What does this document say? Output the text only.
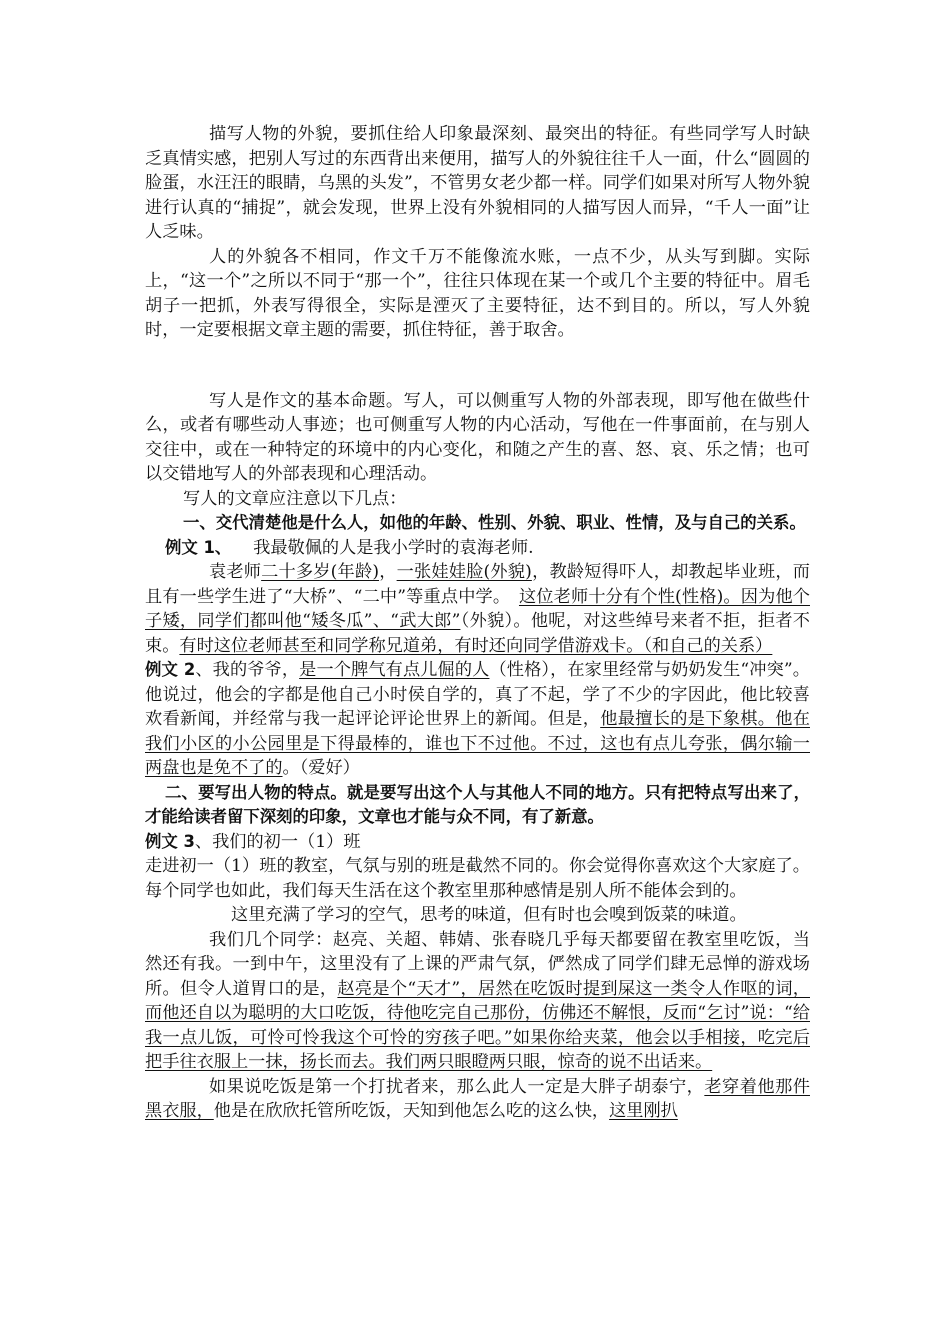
描写人物的外貌，要抓住给人印象最深刻、最突出的特征。有些同学写人时缺乏真情实感，把别人写过的东西背出来便用，描写人的外貌往往千人一面，什么“圆圆的脸蛋，水汪汪的眼睛，乌黑的头发”，不管男女老少都一样。同学们如果对所写人物外貌进行认真的“捕捉”，就会发现，世界上没有外貌相同的人描写因人而异，“千人一面”让人乏味。

人的外貌各不相同，作文千万不能像流水账，一点不少，从头写到脚。实际上，“这一个”之所以不同于“那一个”，往往只体现在某一个或几个主要的特征中。眉毛胡子一把抓，外表写得很全，实际是湮灭了主要特征，达不到目的。所以，写人外貌时，一定要根据文章主题的需要，抓住特征，善于取舍。

写人是作文的基本命题。写人，可以侧重写人物的外部表现，即写他在做些什么，或者有哪些动人事迹；也可侧重写人物的内心活动，写他在一件事面前，在与别人交往中，或在一种特定的环境中的内心变化，和随之产生的喜、怒、哀、乐之情；也可以交错地写人的外部表现和心理活动。

写人的文章应注意以下几点：

一、交代清楚他是什么人，如他的年龄、性别、外貌、职业、性情，及与自己的关系。

例文 1、 我最敬佩的人是我小学时的袁海老师.

袁老师二十多岁(年龄)，一张娃娃脸(外貌)，教龄短得吓人，却教起毕业班，而且有一些学生进了“大桥”、“二中”等重点中学。　这位老师十分有个性(性格)。因为他个子矮，同学们都叫他“矮冬瓜”、“武大郎”（外貌）。他呢，对这些绰号来者不拒，拒者不束。有时这位老师甚至和同学称兄道弟，有时还向同学借游戏卡。（和自己的关系）

例文 2、我的爷爷，是一个脾气有点儿倔的人（性格），在家里经常与奶奶发生“冲突”。他说过，他会的字都是他自己小时侯自学的，真了不起，学了不少的字因此，他比较喜欢看新闻，并经常与我一起评论评论世界上的新闻。但是，他最擅长的是下象棋。他在我们小区的小公园里是下得最棒的，谁也下不过他。不过，这也有点儿夸张，偶尔输一两盘也是免不了的。（爱好）

二、要写出人物的特点。就是要写出这个人与其他人不同的地方。只有把特点写出来了，才能给读者留下深刻的印象，文章也才能与众不同，有了新意。

例文 3、我们的初一（1）班

走进初一（1）班的教室，气氛与别的班是截然不同的。你会觉得你喜欢这个大家庭了。每个同学也如此，我们每天生活在这个教室里那种感情是别人所不能体会到的。

这里充满了学习的空气，思考的味道，但有时也会嗅到饭菜的味道。

我们几个同学：赵亮、关超、韩婧、张春晓几乎每天都要留在教室里吃饭，当然还有我。一到中午，这里没有了上课的严肃气氛，俨然成了同学们肆无忌惮的游戏场所。但令人道胃口的是，赵亮是个“天才”，居然在吃饭时提到屎这一类令人作呕的词，而他还自以为聪明的大口吃饭，待他吃完自己那份，仿佛还不解恨，反而“乞讨”说：“给我一点儿饭，可怜可怜我这个可怜的穷孩子吧。”如果你给夹菜，他会以手相接，吃完后把手往衣服上一抹，扬长而去。我们两只眼瞪两只眼，惊奇的说不出话来。

如果说吃饭是第一个打扰者来，那么此人一定是大胖子胡泰宁，老穿着他那件黑衣服，他是在欣欣托管所吃饭，天知到他怎么吃的这么快，这里刚扒
